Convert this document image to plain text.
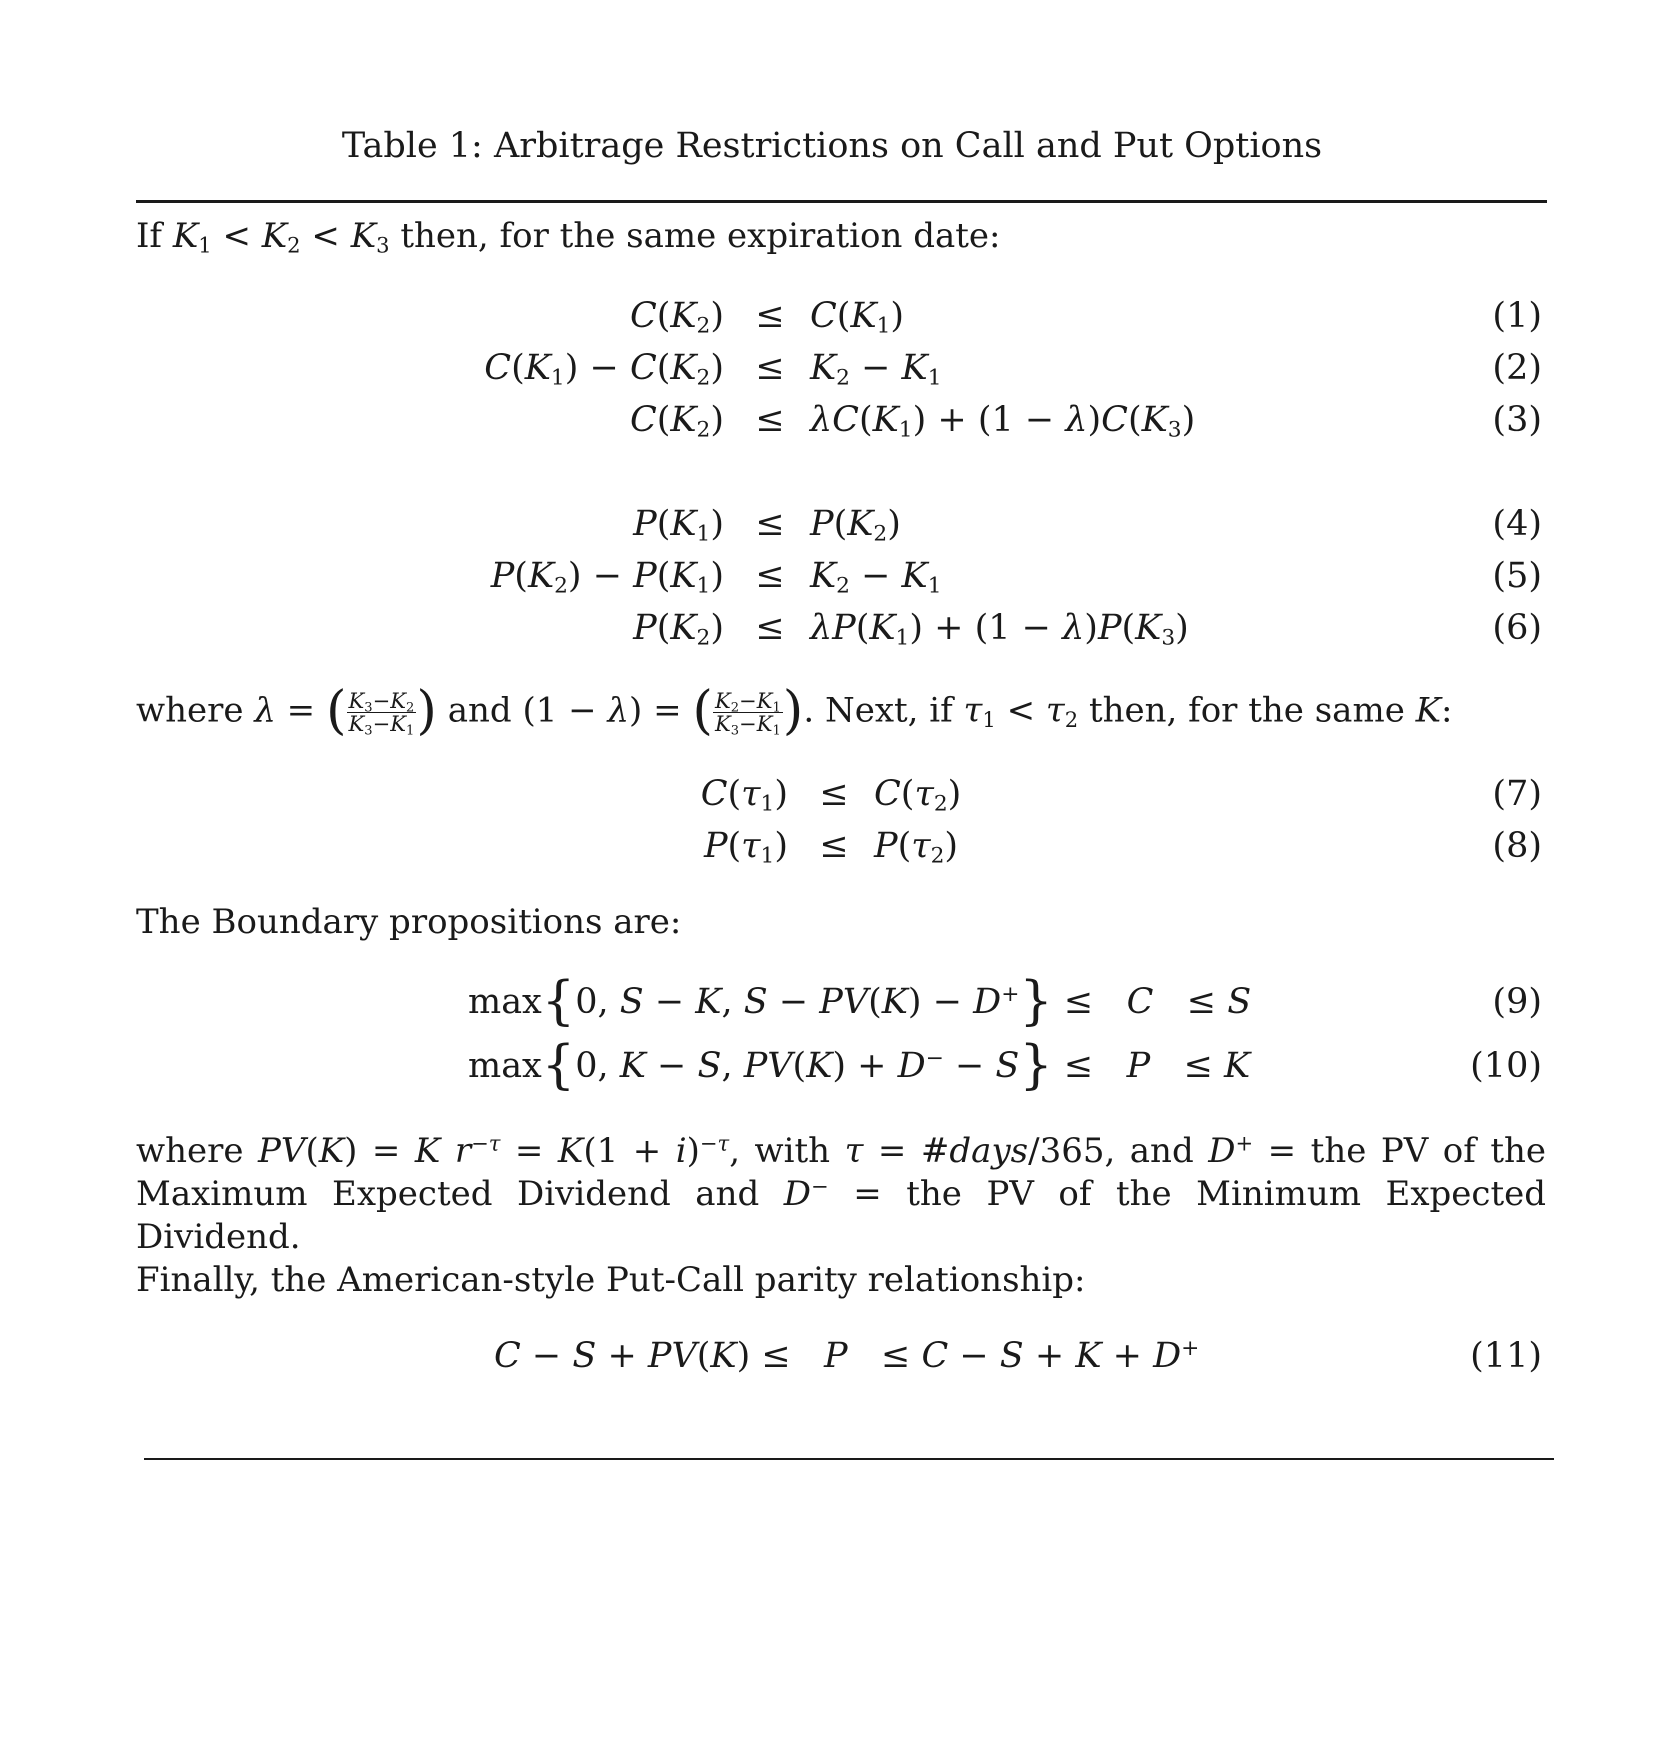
Table 1: Arbitrage Restrictions on Call and Put Options
If $K_1 < K_2 < K_3$ then, for the same expiration date:
$C(K_2) \le C(K_1)$	(1)
$C(K_1) - C(K_2) \le K_2 - K_1$	(2)
$C(K_2) \le \lambda C(K_1) + (1 - \lambda)C(K_3)$	(3)
$P(K_1) \le P(K_2)$	(4)
$P(K_2) - P(K_1) \le K_2 - K_1$	(5)
$P(K_2) \le \lambda P(K_1) + (1 - \lambda)P(K_3)$	(6)
where λ = ( $\frac{K_3-K_2}{K_3-K_1}$ ) and (1 − λ) = ( $\frac{K_2-K_1}{K_3-K_1}$ ). Next, if $\tau_1 < \tau_2$ then, for the same K:
$C(\tau_1) \le C(\tau_2)$	(7)
$P(\tau_1) \le P(\tau_2)$	(8)
The Boundary propositions are:
max{0, S − K, S − PV(K) − D+} ≤   C   ≤ S	(9)
max{0, K − S, PV(K) + D− − S} ≤   P   ≤ K	(10)
where PV(K) = K $r^{-\tau} = K(1 + i)^{-\tau}$, with τ = #days/365, and D+ = the PV of the Maximum Expected Dividend and D− = the PV of the Minimum Expected Dividend.
Finally, the American-style Put-Call parity relationship:
C − S + PV(K) ≤   P   ≤ C − S + K + D+	(11)
